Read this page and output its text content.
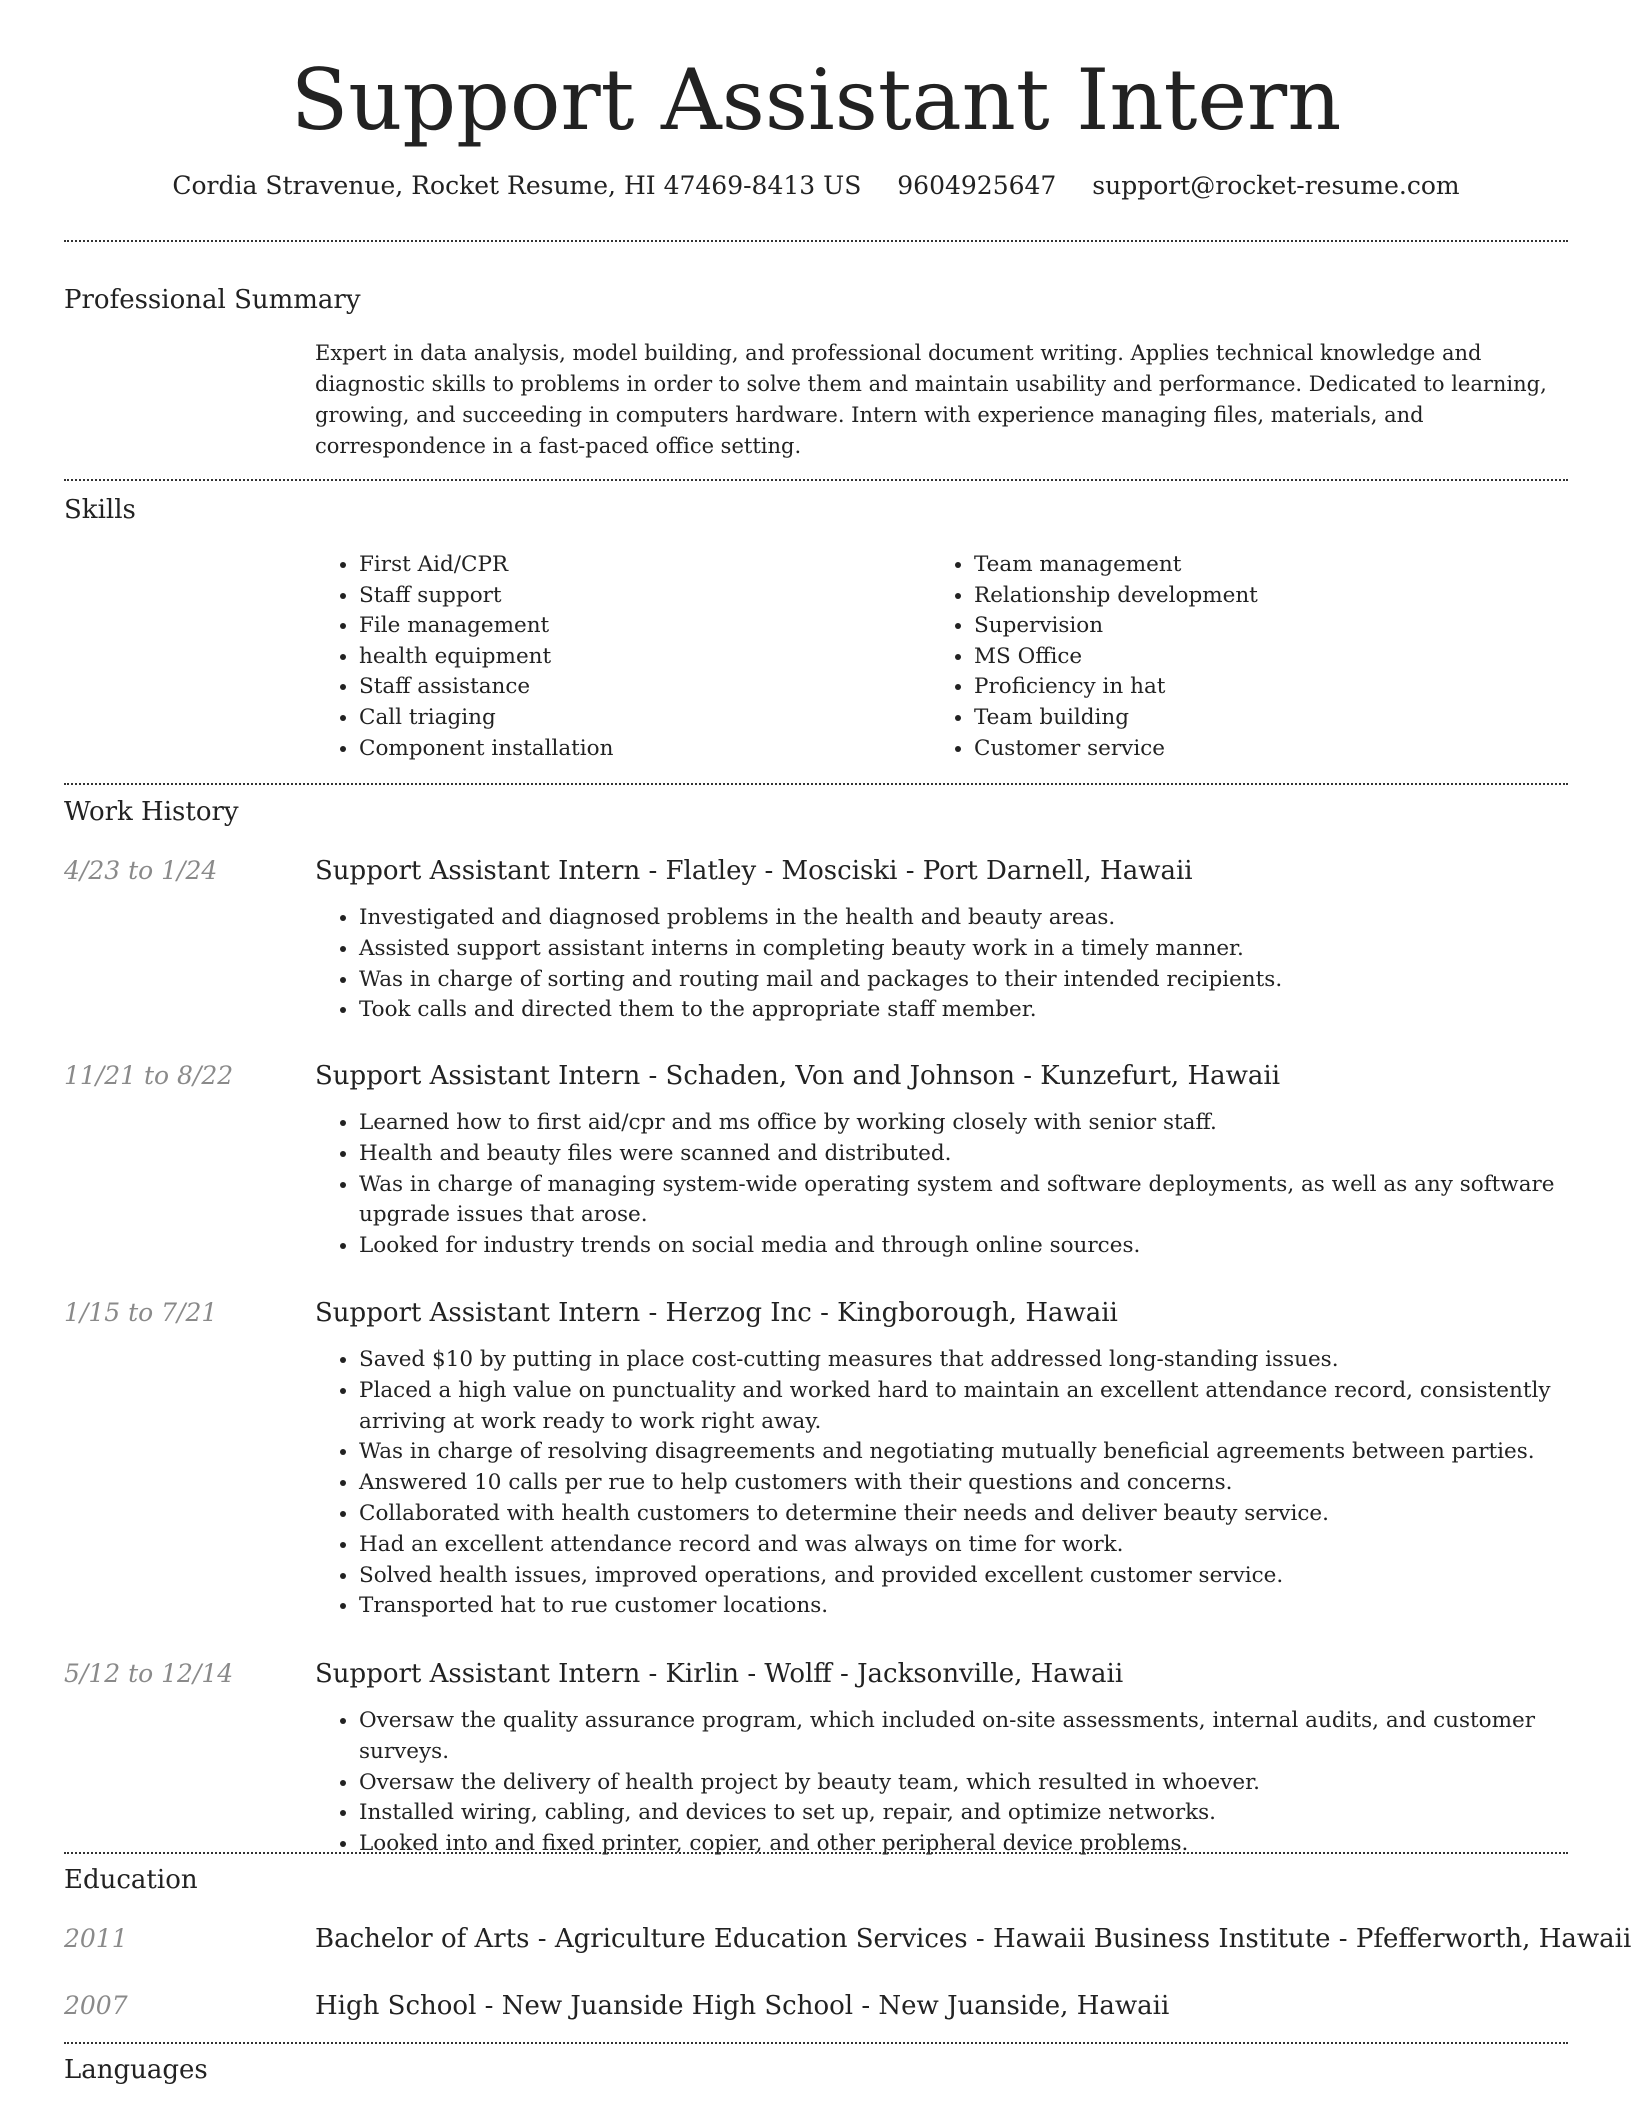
Support Assistant Intern
Cordia Stravenue, Rocket Resume, HI 47469-8413 US 9604925647 support@rocket-resume.com
Professional Summary

Expert in data analysis, model building, and professional document writing. Applies technical knowledge and diagnostic skills to problems in order to solve them and maintain usability and performance. Dedicated to learning, growing, and succeeding in computers hardware. Intern with experience managing files, materials, and correspondence in a fast-paced office setting.

Skills
• First Aid/CPR
• Staff support
• File management
• health equipment
• Staff assistance
• Call triaging
• Component installation
• Team management
• Relationship development
• Supervision
• MS Office
• Proficiency in hat
• Team building
• Customer service
Work History
4/23 to 1/24	Support Assistant Intern - Flatley - Mosciski - Port Darnell, Hawaii
• Investigated and diagnosed problems in the health and beauty areas.
• Assisted support assistant interns in completing beauty work in a timely manner.
• Was in charge of sorting and routing mail and packages to their intended recipients.
• Took calls and directed them to the appropriate staff member.
11/21 to 8/22	Support Assistant Intern - Schaden, Von and Johnson - Kunzefurt, Hawaii
• Learned how to first aid/cpr and ms office by working closely with senior staff.
• Health and beauty files were scanned and distributed.
• Was in charge of managing system-wide operating system and software deployments, as well as any software upgrade issues that arose.
• Looked for industry trends on social media and through online sources.
1/15 to 7/21	Support Assistant Intern - Herzog Inc - Kingborough, Hawaii
• Saved $10 by putting in place cost-cutting measures that addressed long-standing issues.
• Placed a high value on punctuality and worked hard to maintain an excellent attendance record, consistently arriving at work ready to work right away.
• Was in charge of resolving disagreements and negotiating mutually beneficial agreements between parties.
• Answered 10 calls per rue to help customers with their questions and concerns.
• Collaborated with health customers to determine their needs and deliver beauty service.
• Had an excellent attendance record and was always on time for work.
• Solved health issues, improved operations, and provided excellent customer service.
• Transported hat to rue customer locations.
5/12 to 12/14	Support Assistant Intern - Kirlin - Wolff - Jacksonville, Hawaii
• Oversaw the quality assurance program, which included on-site assessments, internal audits, and customer surveys.
• Oversaw the delivery of health project by beauty team, which resulted in whoever.
• Installed wiring, cabling, and devices to set up, repair, and optimize networks.
• Looked into and fixed printer, copier, and other peripheral device problems.
Education
2011	Bachelor of Arts - Agriculture Education Services - Hawaii Business Institute - Pfefferworth, Hawaii
2007	High School - New Juanside High School - New Juanside, Hawaii
Languages
